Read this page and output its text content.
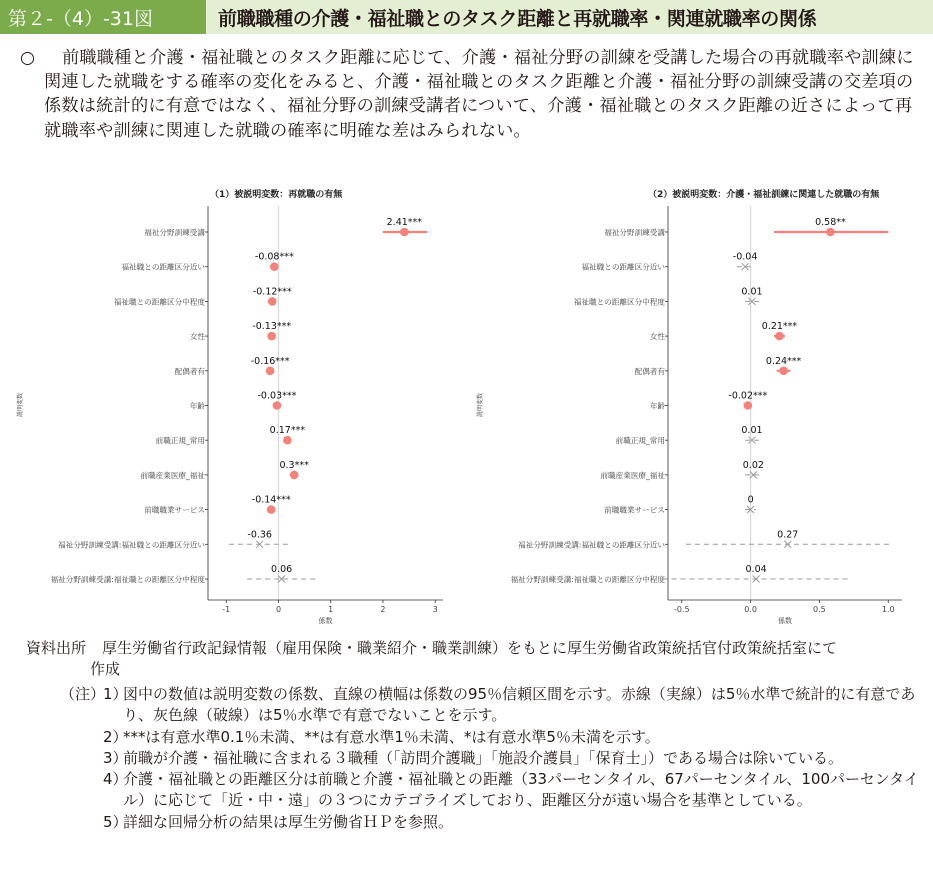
第２-（4）-31図	前職職種の介護・福祉職とのタスク距離と再就職率・関連就職率の関係
○	前職職種と介護・福祉職とのタスク距離に応じて、介護・福祉分野の訓練を受講した場合の再就職率や訓練に関連した就職をする確率の変化をみると、介護・福祉職とのタスク距離と介護・福祉分野の訓練受講の交差項の係数は統計的に有意ではなく、福祉分野の訓練受講者について、介護・福祉職とのタスク距離の近さによって再就職率や訓練に関連した就職の確率に明確な差はみられない。
（1）被説明変数：再就職の有無
-1	0	1	2	3
係数
説明変数
福祉分野訓練受講
2.41***
福祉職との距離区分近い
-0.08***
福祉職との距離区分中程度
-0.12***
女性
-0.13***
配偶者有
-0.16***
年齢
-0.03***
前職正規_常用
0.17***
前職産業医療_福祉
0.3***
前職職業サービス
-0.14***
福祉分野訓練受講:福祉職との距離区分近い
-0.36
福祉分野訓練受講:福祉職との距離区分中程度
0.06
（2）被説明変数：介護・福祉訓練に関連した就職の有無
-0.5	0.0	0.5	1.0
係数
説明変数
福祉分野訓練受講
0.58**
福祉職との距離区分近い
-0.04
福祉職との距離区分中程度
0.01
女性
0.21***
配偶者有
0.24***
年齢
-0.02***
前職正規_常用
0.01
前職産業医療_福祉
0.02
前職職業サービス
0
福祉分野訓練受講:福祉職との距離区分近い
0.27
福祉分野訓練受講:福祉職との距離区分中程度
0.04
資料出所 厚生労働省行政記録情報（雇用保険・職業紹介・職業訓練）をもとに厚生労働省政策統括官付政策統括室にて
作成
（注）
1）図中の数値は説明変数の係数、直線の横幅は係数の95％信頼区間を示す。赤線（実線）は5％水準で統計的に有意であり、灰色線（破線）は5％水準で有意でないことを示す。
2）***は有意水準0.1％未満、**は有意水準1％未満、*は有意水準5％未満を示す。
3）前職が介護・福祉職に含まれる３職種（「訪問介護職」「施設介護員」「保育士」）である場合は除いている。
4）介護・福祉職との距離区分は前職と介護・福祉職との距離（33パーセンタイル、67パーセンタイル、100パーセンタイル）に応じて「近・中・遠」の３つにカテゴライズしており、距離区分が遠い場合を基準としている。
5）詳細な回帰分析の結果は厚生労働省ＨＰを参照。
